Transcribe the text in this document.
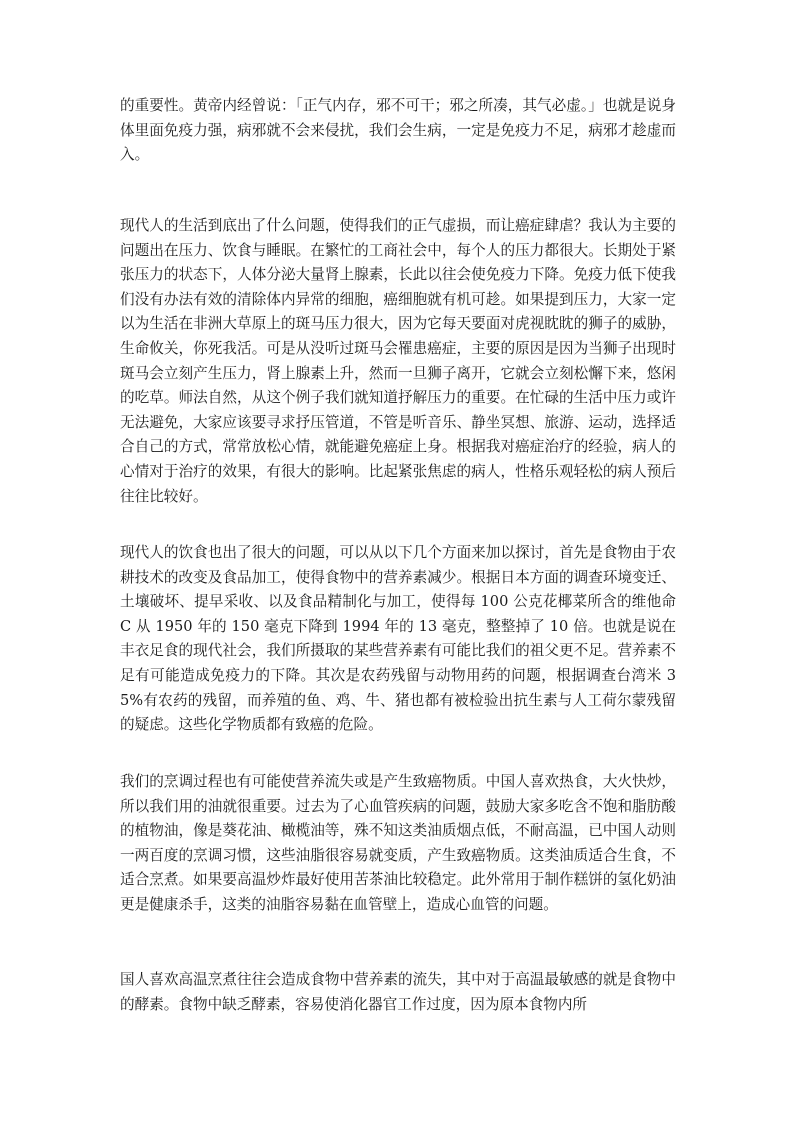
的重要性。黄帝内经曾说：「正气内存，邪不可干；邪之所凑，其气必虚。」也就是说身体里面免疫力强，病邪就不会来侵扰，我们会生病，一定是免疫力不足，病邪才趁虚而入。

现代人的生活到底出了什么问题，使得我们的正气虚损，而让癌症肆虐？我认为主要的问题出在压力、饮食与睡眠。在繁忙的工商社会中，每个人的压力都很大。长期处于紧张压力的状态下，人体分泌大量肾上腺素，长此以往会使免疫力下降。免疫力低下使我们没有办法有效的清除体内异常的细胞，癌细胞就有机可趁。如果提到压力，大家一定以为生活在非洲大草原上的斑马压力很大，因为它每天要面对虎视眈眈的狮子的威胁，生命攸关，你死我活。可是从没听过斑马会罹患癌症，主要的原因是因为当狮子出现时斑马会立刻产生压力，肾上腺素上升，然而一旦狮子离开，它就会立刻松懈下来，悠闲的吃草。师法自然，从这个例子我们就知道抒解压力的重要。在忙碌的生活中压力或许无法避免，大家应该要寻求抒压管道，不管是听音乐、静坐冥想、旅游、运动，选择适合自己的方式，常常放松心情，就能避免癌症上身。根据我对癌症治疗的经验，病人的心情对于治疗的效果，有很大的影响。比起紧张焦虑的病人，性格乐观轻松的病人预后往往比较好。

现代人的饮食也出了很大的问题，可以从以下几个方面来加以探讨，首先是食物由于农耕技术的改变及食品加工，使得食物中的营养素减少。根据日本方面的调查环境变迁、土壤破坏、提早采收、以及食品精制化与加工，使得每 100 公克花椰菜所含的维他命 C 从 1950 年的 150 毫克下降到 1994 年的 13 毫克，整整掉了 10 倍。也就是说在丰衣足食的现代社会，我们所摄取的某些营养素有可能比我们的祖父更不足。营养素不足有可能造成免疫力的下降。其次是农药残留与动物用药的问题，根据调查台湾米 35%有农药的残留，而养殖的鱼、鸡、牛、猪也都有被检验出抗生素与人工荷尔蒙残留的疑虑。这些化学物质都有致癌的危险。

我们的烹调过程也有可能使营养流失或是产生致癌物质。中国人喜欢热食，大火快炒，所以我们用的油就很重要。过去为了心血管疾病的问题，鼓励大家多吃含不饱和脂肪酸的植物油，像是葵花油、橄榄油等，殊不知这类油质烟点低，不耐高温，已中国人动则一两百度的烹调习惯，这些油脂很容易就变质，产生致癌物质。这类油质适合生食，不适合烹煮。如果要高温炒炸最好使用苦茶油比较稳定。此外常用于制作糕饼的氢化奶油更是健康杀手，这类的油脂容易黏在血管壁上，造成心血管的问题。

国人喜欢高温烹煮往往会造成食物中营养素的流失，其中对于高温最敏感的就是食物中的酵素。食物中缺乏酵素，容易使消化器官工作过度，因为原本食物内所
